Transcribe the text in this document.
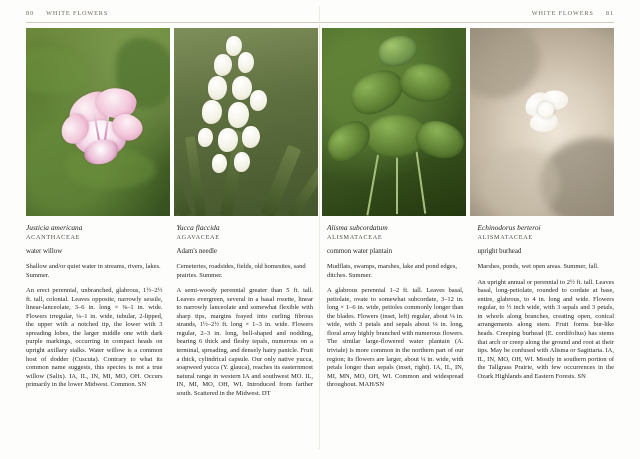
80 WHITE FLOWERS	WHITE FLOWERS 81

Justicia americana

ACANTHACEAE

water willow

Shallow and/or quiet water in streams, rivers, lakes. Summer.

An erect perennial, unbranched, glabrous, 1½–2½ ft. tall, colonial. Leaves opposite, narrowly sessile, linear-lanceolate, 3–6 in. long × ⅜–1 in. wide. Flowers irregular, ¼–1 in. wide, tubular, 2-lipped, the upper with a notched tip, the lower with 3 spreading lobes, the larger middle one with dark purple markings, occurring in compact heads on upright axillary stalks. Water willow is a common host of dodder (Cuscuta). Contrary to what its common name suggests, this species is not a true willow (Salix). IA, IL, IN, MI, MO, OH. Occurs primarily in the lower Midwest. Common. SN

Yucca flaccida

AGAVACEAE

Adam's needle

Cemeteries, roadsides, fields, old homesites, sand prairies. Summer.

A semi-woody perennial greater than 5 ft. tall. Leaves evergreen, several in a basal rosette, linear to narrowly lanceolate and somewhat flexible with sharp tips, margins frayed into curling fibrous strands, 1½–2½ ft. long × 1–3 in. wide. Flowers regular, 2–3 in. long, bell-shaped and nodding, bearing 6 thick and fleshy tepals, numerous on a terminal, spreading, and densely hairy panicle. Fruit a thick, cylindrical capsule. Our only native yucca, soapweed yucca (Y. glauca), reaches its easternmost natural range in western IA and southwest MO. IL, IN, MI, MO, OH, WI. Introduced from farther south. Scattered in the Midwest. DT

Alisma subcordatum

ALISMATACEAE

common water plantain

Mudflats, swamps, marshes, lake and pond edges, ditches. Summer.

A glabrous perennial 1–2 ft. tall. Leaves basal, petiolate, ovate to somewhat subcordate, 3–12 in. long × 1–6 in. wide, petioles commonly longer than the blades. Flowers (inset, left) regular, about ⅛ in. wide, with 3 petals and sepals about ⅛ in. long, floral array highly branched with numerous flowers. The similar large-flowered water plantain (A. triviale) is more common in the northern part of our region; its flowers are larger, about ¼ in. wide, with petals longer than sepals (inset, right). IA, IL, IN, MI, MN, MO, OH, WI. Common and widespread throughout. MAH/SN

Echinodorus berteroi

ALISMATACEAE

upright burhead

Marshes, ponds, wet open areas. Summer, fall.

An upright annual or perennial to 2½ ft. tall. Leaves basal, long-petiolate, rounded to cordate at base, entire, glabrous, to 4 in. long and wide. Flowers regular, to ½ inch wide, with 3 sepals and 3 petals, in whorls along branches, creating open, conical arrangements along stem. Fruit forms bur-like heads. Creeping burhead (E. cordifolius) has stems that arch or creep along the ground and root at their tips. May be confused with Alisma or Sagittaria. IA, IL, IN, MO, OH, WI. Mostly in southern portion of the Tallgrass Prairie, with few occurrences in the Ozark Highlands and Eastern Forests. SN
